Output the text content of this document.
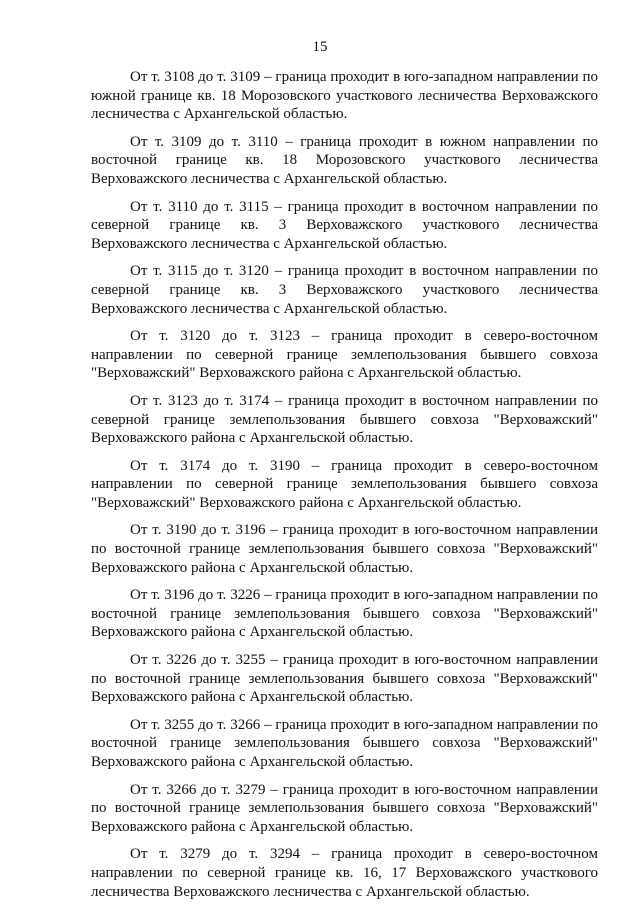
15

От т. 3108 до т. 3109 – граница проходит в юго-западном направлении по южной границе кв. 18 Морозовского участкового лесничества Верховажского лесничества с Архангельской областью.

От т. 3109 до т. 3110 – граница проходит в южном направлении по восточной границе кв. 18 Морозовского участкового лесничества Верховажского лесничества с Архангельской областью.

От т. 3110 до т. 3115 – граница проходит в восточном направлении по северной границе кв. 3 Верховажского участкового лесничества Верховажского лесничества с Архангельской областью.

От т. 3115 до т. 3120 – граница проходит в восточном направлении по северной границе кв. 3 Верховажского участкового лесничества Верховажского лесничества с Архангельской областью.

От т. 3120 до т. 3123 – граница проходит в северо-восточном направлении по северной границе землепользования бывшего совхоза "Верховажский" Верховажского района с Архангельской областью.

От т. 3123 до т. 3174 – граница проходит в восточном направлении по северной границе землепользования бывшего совхоза "Верховажский" Верховажского района с Архангельской областью.

От т. 3174 до т. 3190 – граница проходит в северо-восточном направлении по северной границе землепользования бывшего совхоза "Верховажский" Верховажского района с Архангельской областью.

От т. 3190 до т. 3196 – граница проходит в юго-восточном направлении по восточной границе землепользования бывшего совхоза "Верховажский" Верховажского района с Архангельской областью.

От т. 3196 до т. 3226 – граница проходит в юго-западном направлении по восточной границе землепользования бывшего совхоза "Верховажский" Верховажского района с Архангельской областью.

От т. 3226 до т. 3255 – граница проходит в юго-восточном направлении по восточной границе землепользования бывшего совхоза "Верховажский" Верховажского района с Архангельской областью.

От т. 3255 до т. 3266 – граница проходит в юго-западном направлении по восточной границе землепользования бывшего совхоза "Верховажский" Верховажского района с Архангельской областью.

От т. 3266 до т. 3279 – граница проходит в юго-восточном направлении по восточной границе землепользования бывшего совхоза "Верховажский" Верховажского района с Архангельской областью.

От т. 3279 до т. 3294 – граница проходит в северо-восточном направлении по северной границе кв. 16, 17 Верховажского участкового лесничества Верховажского лесничества с Архангельской областью.
